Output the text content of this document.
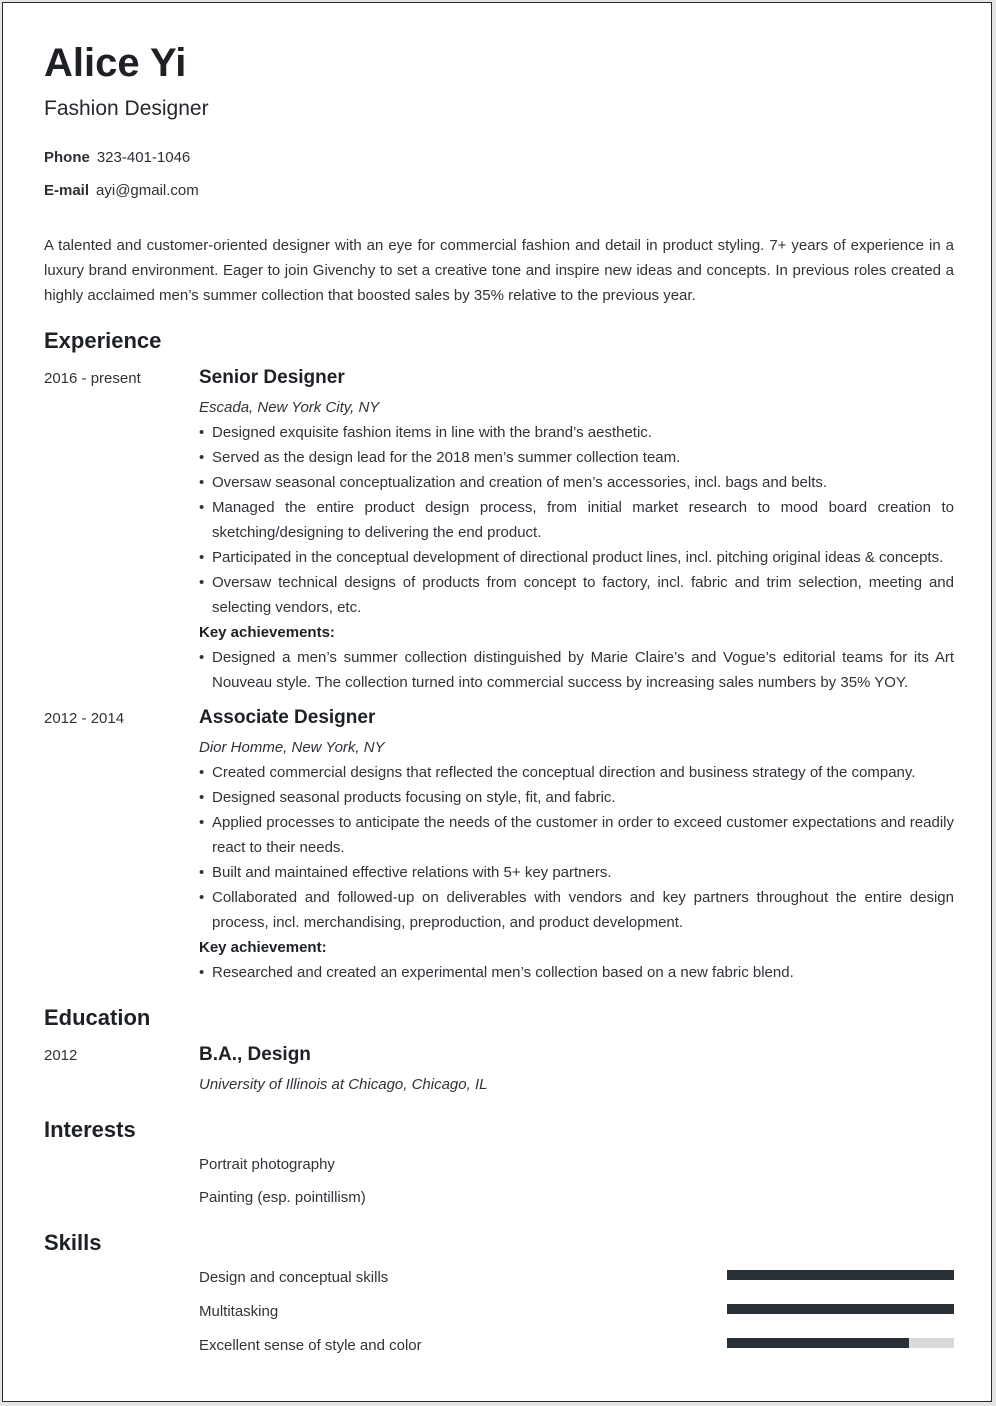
Alice Yi
Fashion Designer
Phone 323-401-1046
E-mail ayi@gmail.com
A talented and customer-oriented designer with an eye for commercial fashion and detail in product styling. 7+ years of experience in a luxury brand environment. Eager to join Givenchy to set a creative tone and inspire new ideas and concepts. In previous roles created a highly acclaimed men’s summer collection that boosted sales by 35% relative to the previous year.
Experience
2016 - present	Senior Designer
Escada, New York City, NY
• Designed exquisite fashion items in line with the brand’s aesthetic.
• Served as the design lead for the 2018 men’s summer collection team.
• Oversaw seasonal conceptualization and creation of men’s accessories, incl. bags and belts.
• Managed the entire product design process, from initial market research to mood board creation to sketching/designing to delivering the end product.
• Participated in the conceptual development of directional product lines, incl. pitching original ideas & concepts.
• Oversaw technical designs of products from concept to factory, incl. fabric and trim selection, meeting and selecting vendors, etc.
Key achievements:
• Designed a men’s summer collection distinguished by Marie Claire’s and Vogue’s editorial teams for its Art Nouveau style. The collection turned into commercial success by increasing sales numbers by 35% YOY.
2012 - 2014	Associate Designer
Dior Homme, New York, NY
• Created commercial designs that reflected the conceptual direction and business strategy of the company.
• Designed seasonal products focusing on style, fit, and fabric.
• Applied processes to anticipate the needs of the customer in order to exceed customer expectations and readily react to their needs.
• Built and maintained effective relations with 5+ key partners.
• Collaborated and followed-up on deliverables with vendors and key partners throughout the entire design process, incl. merchandising, preproduction, and product development.
Key achievement:
• Researched and created an experimental men’s collection based on a new fabric blend.
Education
2012	B.A., Design
University of Illinois at Chicago, Chicago, IL
Interests
Portrait photography
Painting (esp. pointillism)
Skills
Design and conceptual skills
Multitasking
Excellent sense of style and color
